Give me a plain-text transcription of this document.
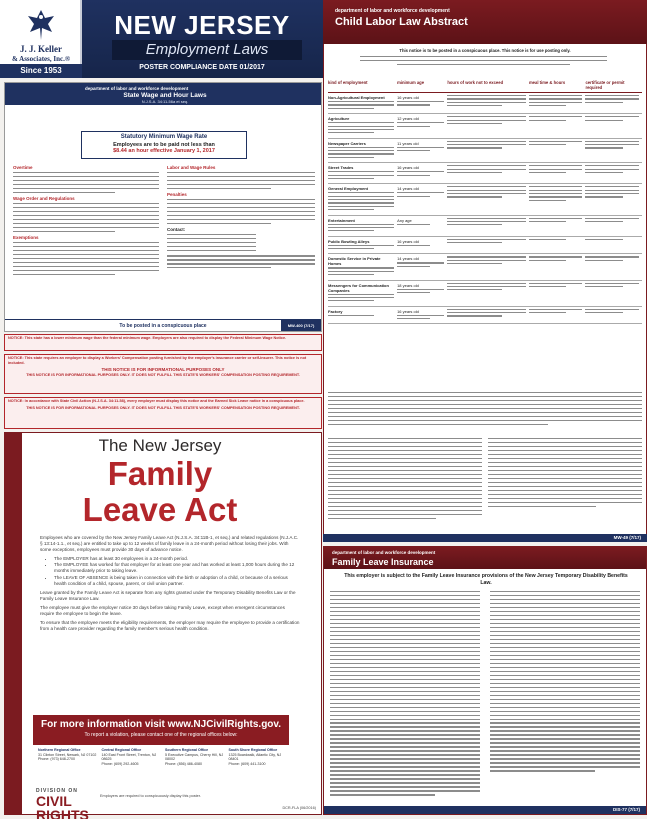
J. J. Keller
& Associates, Inc.®
Since 1953
NEW JERSEY
Employment Laws
POSTER COMPLIANCE DATE 01/2017
department of labor and workforce development
State Wage and Hour Laws
N.J.S.A. 34:11-56a et seq.
Statutory Minimum Wage Rate
Employees are to be paid not less than
$8.44 an hour effective January 1, 2017
Overtime
Wage Order and Regulations
Exemptions
Labor and Wage Rules
Penalties
Contact:
To be posted in a conspicuous place	MW-400 (7/17)
NOTICE: This state has a lower minimum wage than the federal minimum wage. Employers are also required to display the Federal Minimum Wage Notice.
NOTICE: This state requires an employer to display a Workers' Compensation posting furnished by the employer's insurance carrier or self-insurer. This notice is not included.
THIS NOTICE IS FOR INFORMATIONAL PURPOSES ONLY
THIS NOTICE IS FOR INFORMATIONAL PURPOSES ONLY. IT DOES NOT FULFILL THIS STATE'S WORKERS' COMPENSATION POSTING REQUIREMENT.
NOTICE: In accordance with State Civil Action (N.J.S.A. 34:11-58), every employer must display this notice and the Earned Sick Leave notice in a conspicuous place.
THIS NOTICE IS FOR INFORMATIONAL PURPOSES ONLY. IT DOES NOT FULFILL THIS STATE'S WORKERS' COMPENSATION POSTING REQUIREMENT.
The New Jersey
Family
Leave Act

Employees who are covered by the New Jersey Family Leave Act (N.J.S.A. 34:11B-1, et seq.) and related regulations (N.J.A.C. § 13:14-1.1., et seq.) are entitled to take up to 12 weeks of family leave in a 24-month period without losing their jobs. With some exceptions, employees must provide 30 days of advance notice.

• The EMPLOYER has at least 30 employees in a 24-month period.
• The EMPLOYEE has worked for that employer for at least one year and has worked at least 1,000 hours during the 12 months immediately prior to taking leave.
• The LEAVE OF ABSENCE is being taken in connection with the birth or adoption of a child, or because of a serious health condition of a child, spouse, parent, or civil union partner.

Leave granted by the Family Leave Act is separate from any rights granted under the Temporary Disability Benefits Law or the Family Leave Insurance Law.

The employee must give the employer notice 30 days before taking Family Leave, except when emergent circumstances require the employee to begin the leave.

To ensure that the employee meets the eligibility requirements, the employer may require the employee to provide a certification from a health care provider regarding the family member's serious health condition.

For more information visit www.NJCivilRights.gov.
To report a violation, please contact one of the regional offices below:
Northern Regional Office
31 Clinton Street, Newark, NJ 07102
Phone: (973) 648-2700
Central Regional Office
140 East Front Street, Trenton, NJ 08625
Phone: (609) 292-4605
Southern Regional Office
5 Executive Campus, Cherry Hill, NJ 08002
Phone: (856) 486-4080
South Shore Regional Office
1325 Boardwalk, Atlantic City, NJ 08401
Phone: (609) 441-3100
DIVISION ON
CIVIL RIGHTS
Employers are required to conspicuously display this poster.
DCR-FLA (06/2016)
department of labor and workforce development
Child Labor Law Abstract
This notice is to be posted in a conspicuous place. This notice is for use posting only.
kind of employment	minimum age	hours of work not to exceed	meal time & hours	certificate or permit required
Non-Agricultural Employment	16 years old
Agriculture	12 years old
Newspaper Carriers	11 years old
Street Trades	16 years old
General Employment	14 years old
Entertainment	Any age
Public Bowling Alleys	16 years old
Domestic Service in Private Homes
14 years old
Messengers for Communication Companies
18 years old
Factory	16 years old
MW-49 (7/17)
department of labor and workforce development
Family Leave Insurance
This employer is subject to the Family Leave Insurance provisions of the New Jersey Temporary Disability Benefits Law.
DIS-77 (7/17)
